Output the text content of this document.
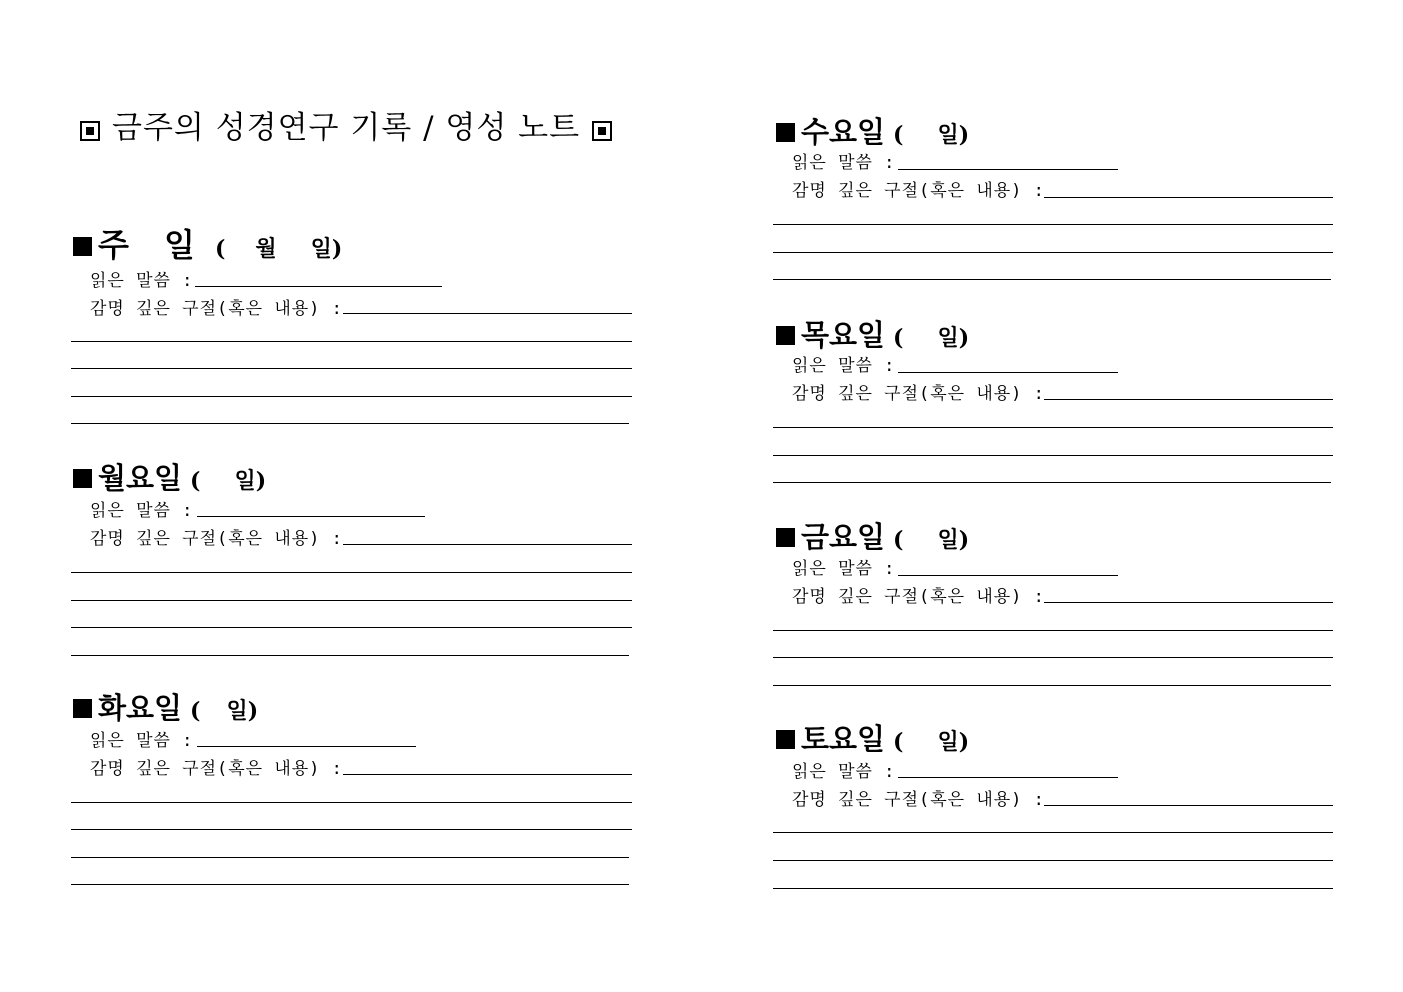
금주의 성경연구 기록 / 영성 노트
주 일 ( 월 일)
읽은 말씀 :
감명 깊은 구절(혹은 내용) :
월요일 ( 일)
읽은 말씀 :
감명 깊은 구절(혹은 내용) :
화요일 ( 일)
읽은 말씀 :
감명 깊은 구절(혹은 내용) :
수요일 ( 일)
읽은 말씀 :
감명 깊은 구절(혹은 내용) :
목요일 ( 일)
읽은 말씀 :
감명 깊은 구절(혹은 내용) :
금요일 ( 일)
읽은 말씀 :
감명 깊은 구절(혹은 내용) :
토요일 ( 일)
읽은 말씀 :
감명 깊은 구절(혹은 내용) :
